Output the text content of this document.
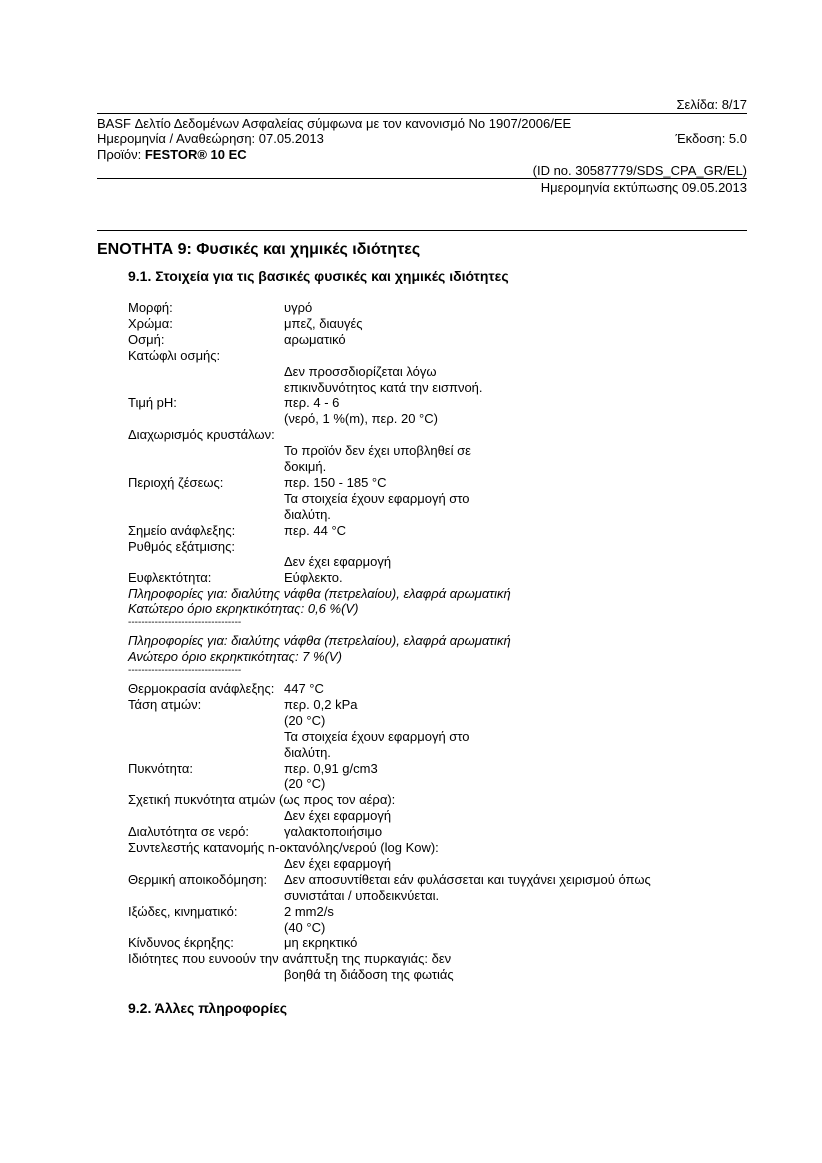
Σελίδα: 8/17
BASF Δελτίο Δεδομένων Ασφαλείας σύμφωνα με τον κανονισμό Νο 1907/2006/ΕΕ
Ημερομηνία / Αναθεώρηση: 07.05.2013	Έκδοση: 5.0
Προϊόν: FESTOR® 10 EC
(ID no. 30587779/SDS_CPA_GR/EL)
Ημερομηνία εκτύπωσης 09.05.2013
ΕΝΟΤΗΤΑ 9: Φυσικές και χημικές ιδιότητες
9.1. Στοιχεία για τις βασικές φυσικές και χημικές ιδιότητες
Μορφή:	υγρό
Χρώμα:	μπεζ, διαυγές
Οσμή:	αρωματικό
Κατώφλι οσμής:
Δεν προσσδιορίζεται λόγω
επικινδυνότητος κατά την εισπνοή.
Τιμή pH:	περ. 4 - 6
(νερό, 1 %(m), περ. 20 °C)
Διαχωρισμός κρυστάλων:
Το προϊόν δεν έχει υποβληθεί σε
δοκιμή.
Περιοχή ζέσεως:	περ. 150 - 185 °C
Τα στοιχεία έχουν εφαρμογή στο
διαλύτη.
Σημείο ανάφλεξης:	περ. 44 °C
Ρυθμός εξάτμισης:
Δεν έχει εφαρμογή
Ευφλεκτότητα:	Εύφλεκτο.
Πληροφορίες για: διαλύτης νάφθα (πετρελαίου), ελαφρά αρωματική
Κατώτερο όριο εκρηκτικότητας: 0,6 %(V)
----------------------------------
Πληροφορίες για: διαλύτης νάφθα (πετρελαίου), ελαφρά αρωματική
Ανώτερο όριο εκρηκτικότητας: 7 %(V)
----------------------------------
Θερμοκρασία ανάφλεξης: 447 °C
Τάση ατμών:	περ. 0,2 kPa
(20 °C)
Τα στοιχεία έχουν εφαρμογή στο
διαλύτη.
Πυκνότητα:	περ. 0,91 g/cm3
(20 °C)
Σχετική πυκνότητα ατμών (ως προς τον αέρα):
Δεν έχει εφαρμογή
Διαλυτότητα σε νερό:	γαλακτοποιήσιμο
Συντελεστής κατανομής n-οκτανόλης/νερού (log Kow):
Δεν έχει εφαρμογή
Θερμική αποικοδόμηση: Δεν αποσυντίθεται εάν φυλάσσεται και τυγχάνει χειρισμού όπως
συνιστάται / υποδεικνύεται.
Ιξώδες, κινηματικό:	2 mm2/s
(40 °C)
Κίνδυνος έκρηξης:	μη εκρηκτικό
Ιδιότητες που ευνοούν την ανάπτυξη της πυρκαγιάς: δεν
βοηθά τη διάδοση της φωτιάς
9.2. Άλλες πληροφορίες
